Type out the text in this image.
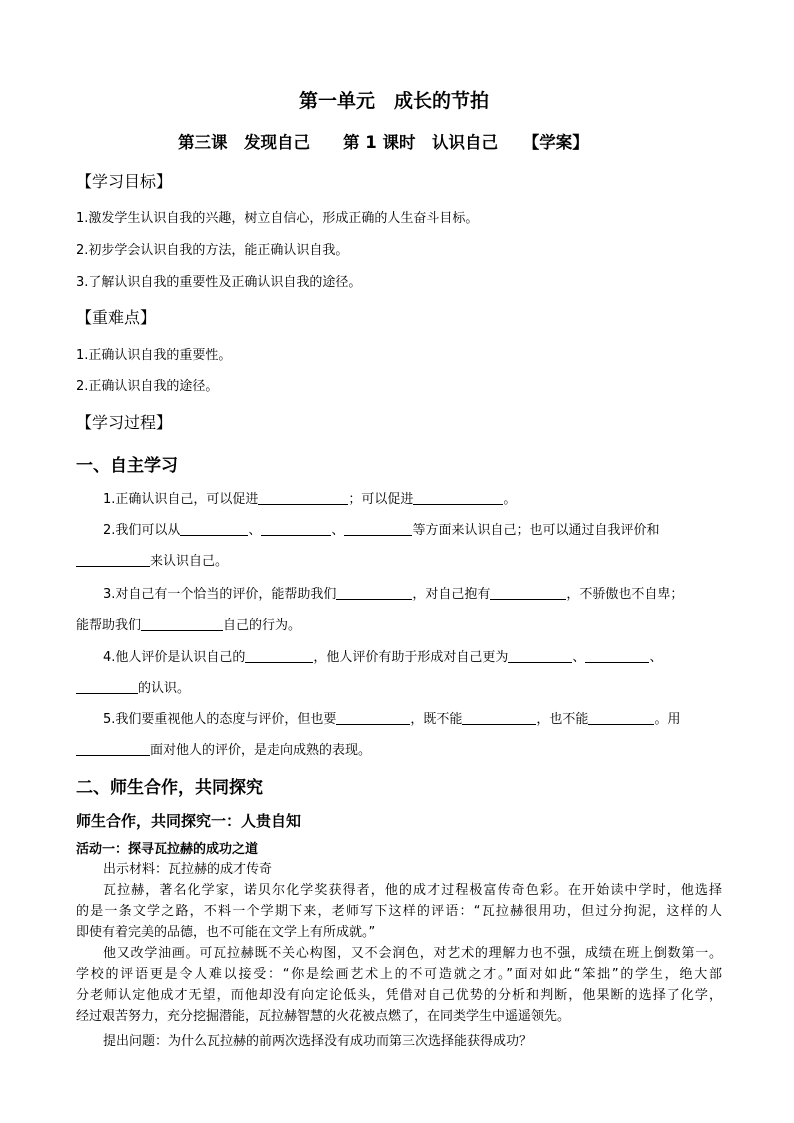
第一单元　成长的节拍
第三课　发现自己　　第 1 课时　认识自己　　【学案】
【学习目标】
1.激发学生认识自我的兴趣，树立自信心，形成正确的人生奋斗目标。
2.初步学会认识自我的方法，能正确认识自我。
3.了解认识自我的重要性及正确认识自我的途径。
【重难点】
1.正确认识自我的重要性。
2.正确认识自我的途径。
【学习过程】
一、自主学习
1.正确认识自己，可以促进	；可以促进	。
2.我们可以从	、	、	等方面来认识自己；也可以通过自我评价和
来认识自己。
3.对自己有一个恰当的评价，能帮助我们	，对自己抱有	，不骄傲也不自卑；
能帮助我们	自己的行为。
4.他人评价是认识自己的	，他人评价有助于形成对自己更为	、	、
的认识。
5.我们要重视他人的态度与评价，但也要	，既不能	，也不能	。用
面对他人的评价，是走向成熟的表现。
二、师生合作，共同探究
师生合作，共同探究一：人贵自知
活动一：探寻瓦拉赫的成功之道
出示材料：瓦拉赫的成才传奇
瓦拉赫，著名化学家，诺贝尔化学奖获得者，他的成才过程极富传奇色彩。在开始读中学时，他选择
的是一条文学之路，不料一个学期下来，老师写下这样的评语：“瓦拉赫很用功，但过分拘泥，这样的人
即使有着完美的品德，也不可能在文学上有所成就。”
他又改学油画。可瓦拉赫既不关心构图，又不会润色，对艺术的理解力也不强，成绩在班上倒数第一。
学校的评语更是令人难以接受：“你是绘画艺术上的不可造就之才。”面对如此“笨拙”的学生，绝大部
分老师认定他成才无望，而他却没有向定论低头，凭借对自己优势的分析和判断，他果断的选择了化学，
经过艰苦努力，充分挖掘潜能，瓦拉赫智慧的火花被点燃了，在同类学生中遥遥领先。
提出问题：为什么瓦拉赫的前两次选择没有成功而第三次选择能获得成功？
